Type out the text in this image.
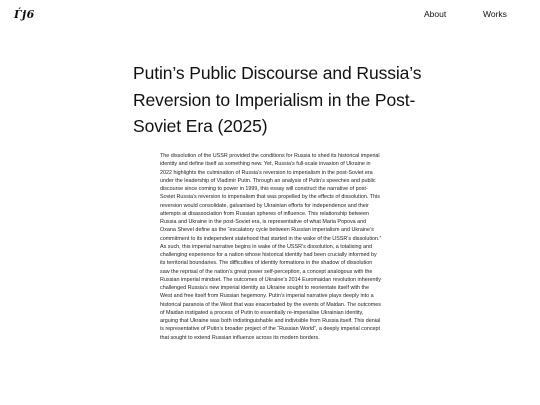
Ѓј6	About	Works
Putin’s Public Discourse and Russia’s Reversion to Imperialism in the Post-Soviet Era (2025)

The dissolution of the USSR provided the conditions for Russia to shed its historical imperial identity and define itself as something new. Yet, Russia’s full-scale invasion of Ukraine in 2022 highlights the culmination of Russia’s reversion to imperialism in the post-Soviet era under the leadership of Vladimir Putin. Through an analysis of Putin’s speeches and public discourse since coming to power in 1999, this essay will construct the narrative of post-Soviet Russia’s reversion to imperialism that was propelled by the effects of dissolution. This reversion would consolidate, galvanised by Ukrainian efforts for independence and their attempts at disassociation from Russian spheres of influence. This relationship between Russia and Ukraine in the post-Soviet era, is representative of what Maria Popova and Oxana Shevel define as the “escalatory cycle between Russian imperialism and Ukraine’s commitment to its independent statehood that started in the wake of the USSR’s dissolution.” As such, this imperial narrative begins in wake of the USSR’s dissolution, a totalising and challenging experience for a nation whose historical identity had been crucially informed by its territorial boundaries. The difficulties of identity formations in the shadow of dissolution saw the reprisal of the nation’s great power self-perception, a concept analogous with the Russian imperial mindset. The outcomes of Ukraine’s 2014 Euromaidan revolution inherently challenged Russia’s new imperial identity as Ukraine sought to reorientate itself with the West and free itself from Russian hegemony. Putin’s imperial narrative plays deeply into a historical paranoia of the West that was exacerbated by the events of Maidan. The outcomes of Maidan instigated a process of Putin to essentially re-imperialise Ukrainian identity, arguing that Ukraine was both indistinguishable and indivisible from Russia itself. This denial is representative of Putin’s broader project of the “Russian World”, a deeply imperial concept that sought to extend Russian influence across its modern borders.
